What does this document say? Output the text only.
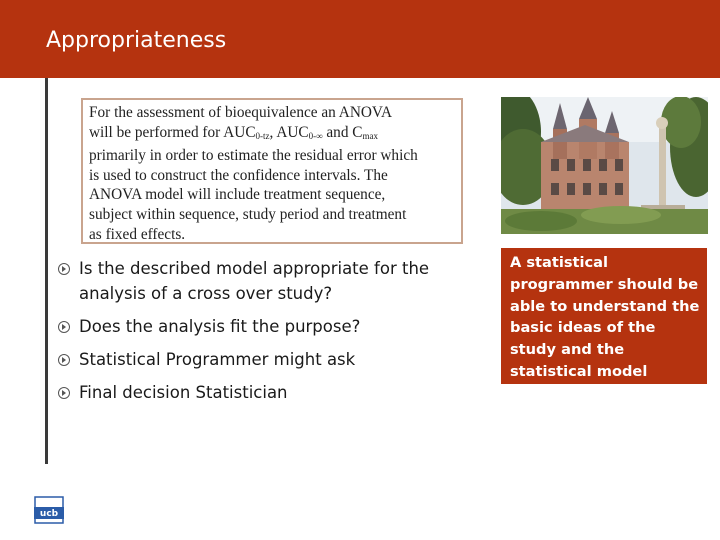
Appropriateness
For the assessment of bioequivalence an ANOVA
will be performed for $AUC_{0-tz}$, $AUC_{0-\infty}$ and $C_{max}$
primarily in order to estimate the residual error which
is used to construct the confidence intervals. The
ANOVA model will include treatment sequence,
subject within sequence, study period and treatment
as fixed effects.
Is the described model appropriate for the analysis of a cross over study?
Does the analysis fit the purpose?
Statistical Programmer might ask
Final decision Statistician
A statistical programmer should be able to understand the basic ideas of the study and the statistical model
ucb
